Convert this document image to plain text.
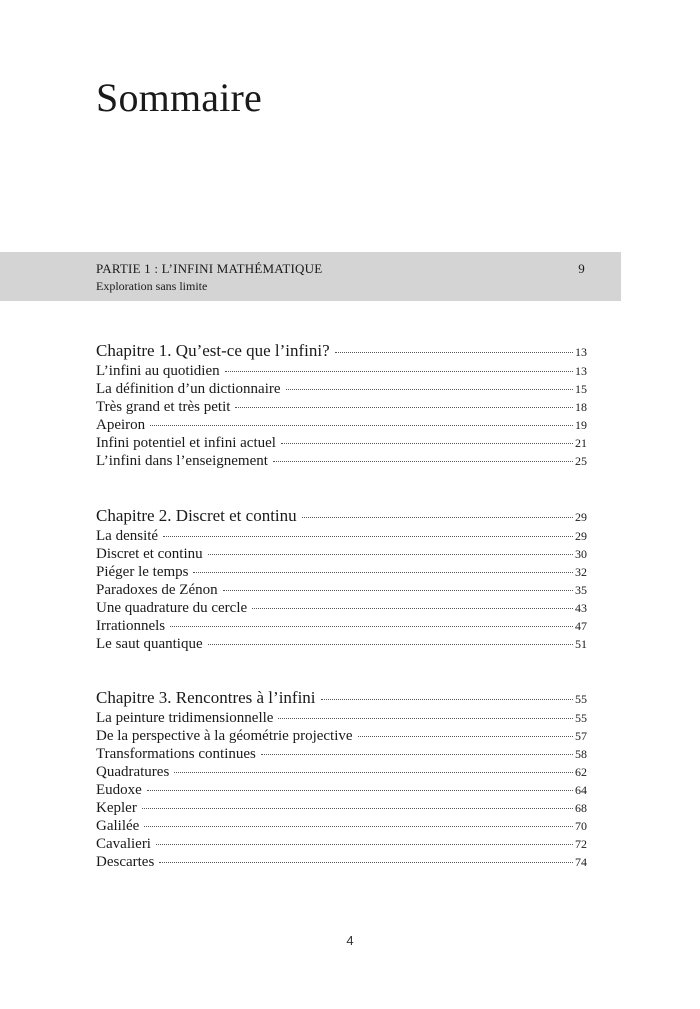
Sommaire
PARTIE 1 : L’INFINI MATHÉMATIQUE	9
Exploration sans limite
Chapitre 1. Qu’est-ce que l’infini?	13
L’infini au quotidien	13
La définition d’un dictionnaire	15
Très grand et très petit	18
Apeiron	19
Infini potentiel et infini actuel	21
L’infini dans l’enseignement	25
Chapitre 2. Discret et continu	29
La densité	29
Discret et continu	30
Piéger le temps	32
Paradoxes de Zénon	35
Une quadrature du cercle	43
Irrationnels	47
Le saut quantique	51
Chapitre 3. Rencontres à l’infini	55
La peinture tridimensionnelle	55
De la perspective à la géométrie projective	57
Transformations continues	58
Quadratures	62
Eudoxe	64
Kepler	68
Galilée	70
Cavalieri	72
Descartes	74
4
